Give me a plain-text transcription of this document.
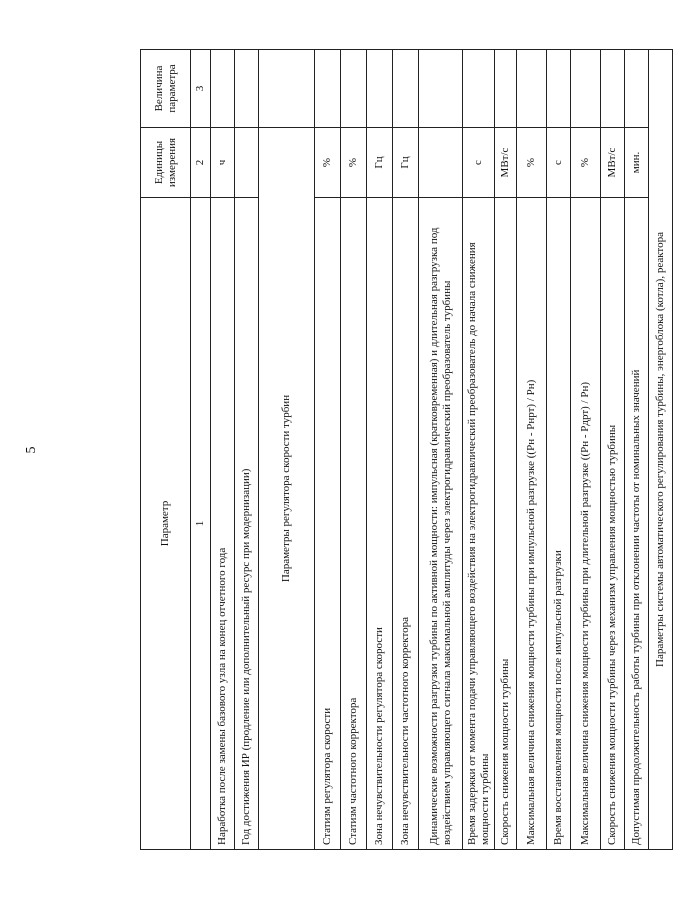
5
Параметр	Единицы измерения	Величина параметра
1	2	3
Наработка после замены базового узла на конец отчетного года	ч	
Год достижения ИР (продление или дополнительный ресурс при модернизации)		
Параметры регулятора скорости турбин		
Статизм регулятора скорости	%	
Статизм частотного корректора	%	
Зона нечувствительности регулятора скорости	Гц	
Зона нечувствительности частотного корректора	Гц	
Динамические возможности разгрузки турбины по активной мощности: импульсная (кратковременная) и длительная разгрузка под воздействием управляющего сигнала максимальной амплитуды через электрогидравлический преобразователь турбины		
Время задержки от момента подачи управляющего воздействия на электрогидравлический преобразователь до начала снижения мощности турбины	с	
Скорость снижения мощности турбины	МВт/с	
Максимальная величина снижения мощности турбины при импульсной разгрузке ((Pн - Pнрт) / Pн)	%	
Время восстановления мощности после импульсной разгрузки	с	
Максимальная величина снижения мощности турбины при длительной разгрузке ((Pн - Pдрт) / Pн)	%	
Скорость снижения мощности турбины через механизм управления мощностью турбины	МВт/с	
Допустимая продолжительность работы турбины при отклонении частоты от номинальных значений	мин.	
Параметры системы автоматического регулирования турбины, энергоблока (котла), реактора		
